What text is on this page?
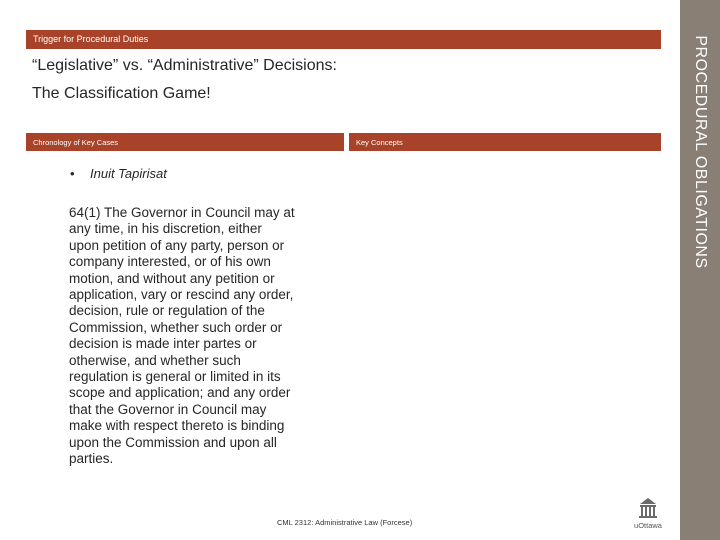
Trigger for Procedural Duties	PROCEDURAL OBLIGATIONS
“Legislative” vs. “Administrative” Decisions:
The Classification Game!
Chronology of Key Cases	Key Concepts
• Inuit Tapirisat
64(1) The Governor in Council may at
any time, in his discretion, either
upon petition of any party, person or
company interested, or of his own
motion, and without any petition or
application, vary or rescind any order,
decision, rule or regulation of the
Commission, whether such order or
decision is made inter partes or
otherwise, and whether such
regulation is general or limited in its
scope and application; and any order
that the Governor in Council may
make with respect thereto is binding
upon the Commission and upon all
parties.
CML 2312: Administrative Law (Forcese)	uOttawa
